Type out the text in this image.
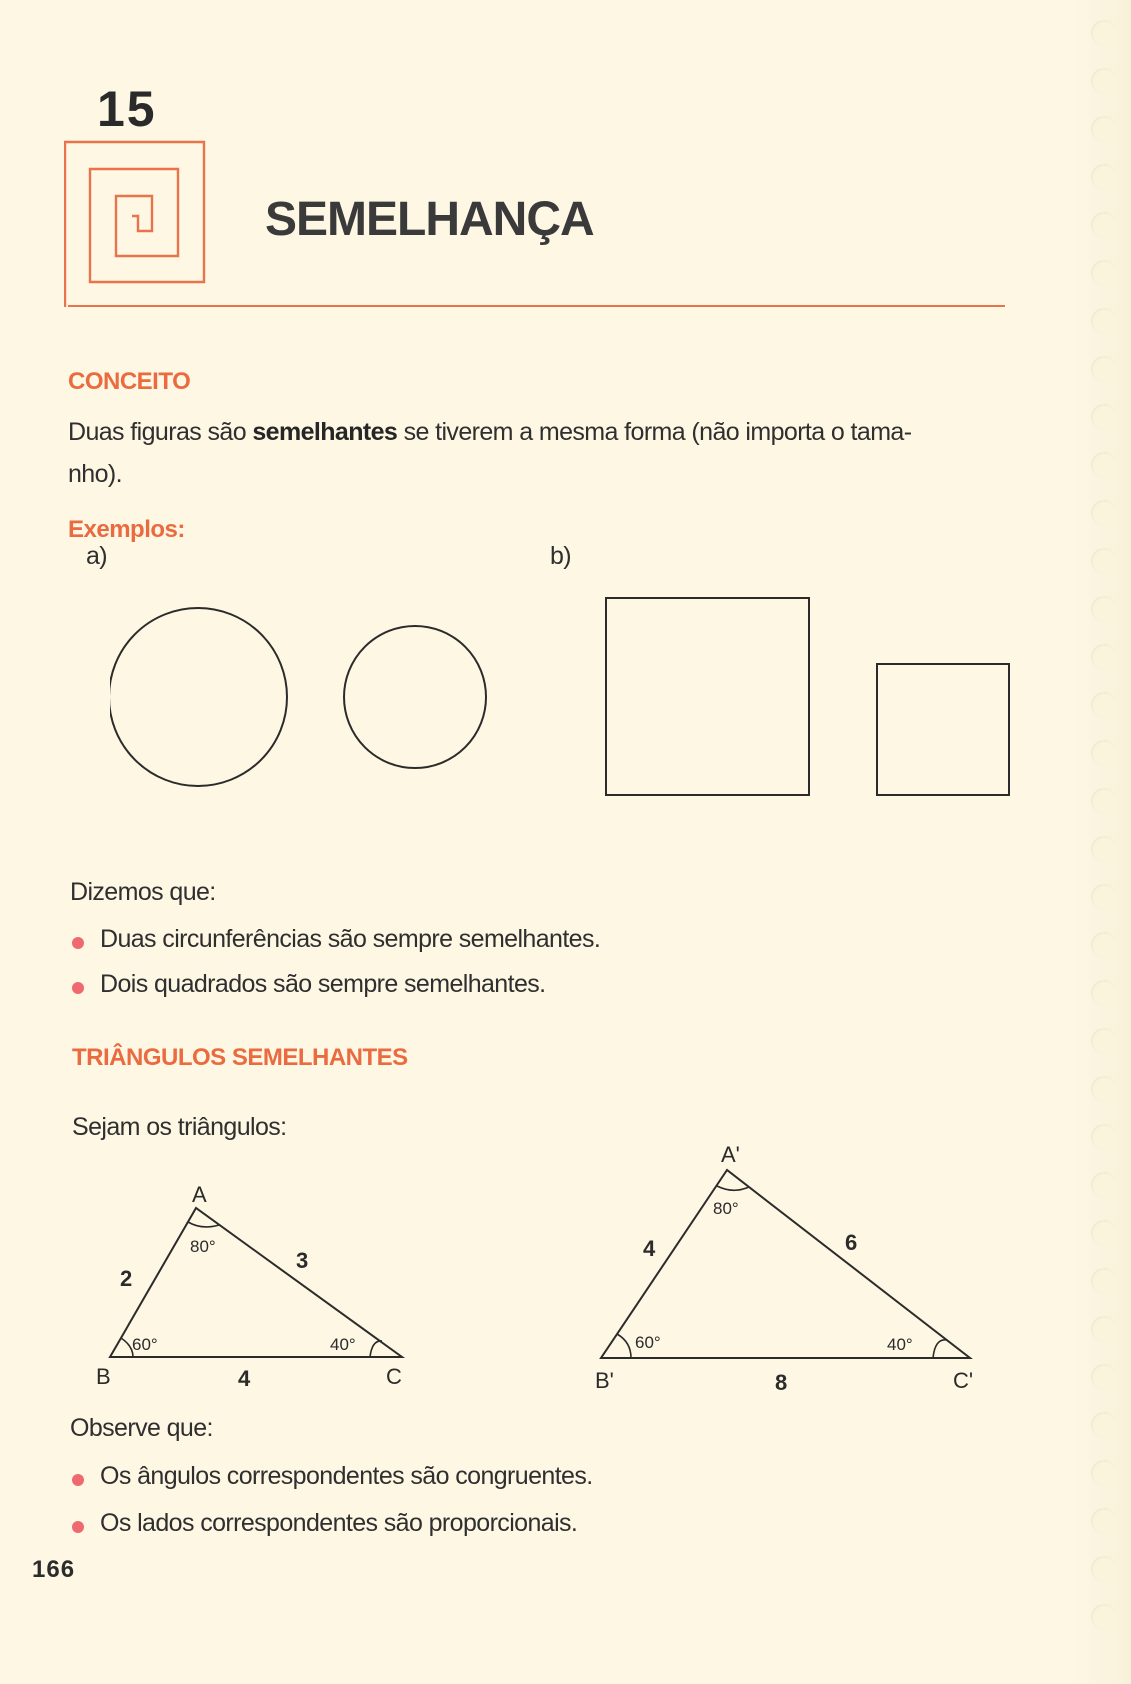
15
SEMELHANÇA
CONCEITO
Duas figuras são semelhantes se tiverem a mesma forma (não importa o tama-
nho).
Exemplos:
a)	b)
Dizemos que:
Duas circunferências são sempre semelhantes.
Dois quadrados são sempre semelhantes.
TRIÂNGULOS SEMELHANTES
Sejam os triângulos:
A
B	C
80°
60°	40°
2
3
4
A'
B'	C'
80°
60°	40°
4	6
8
Observe que:
Os ângulos correspondentes são congruentes.
Os lados correspondentes são proporcionais.
166
